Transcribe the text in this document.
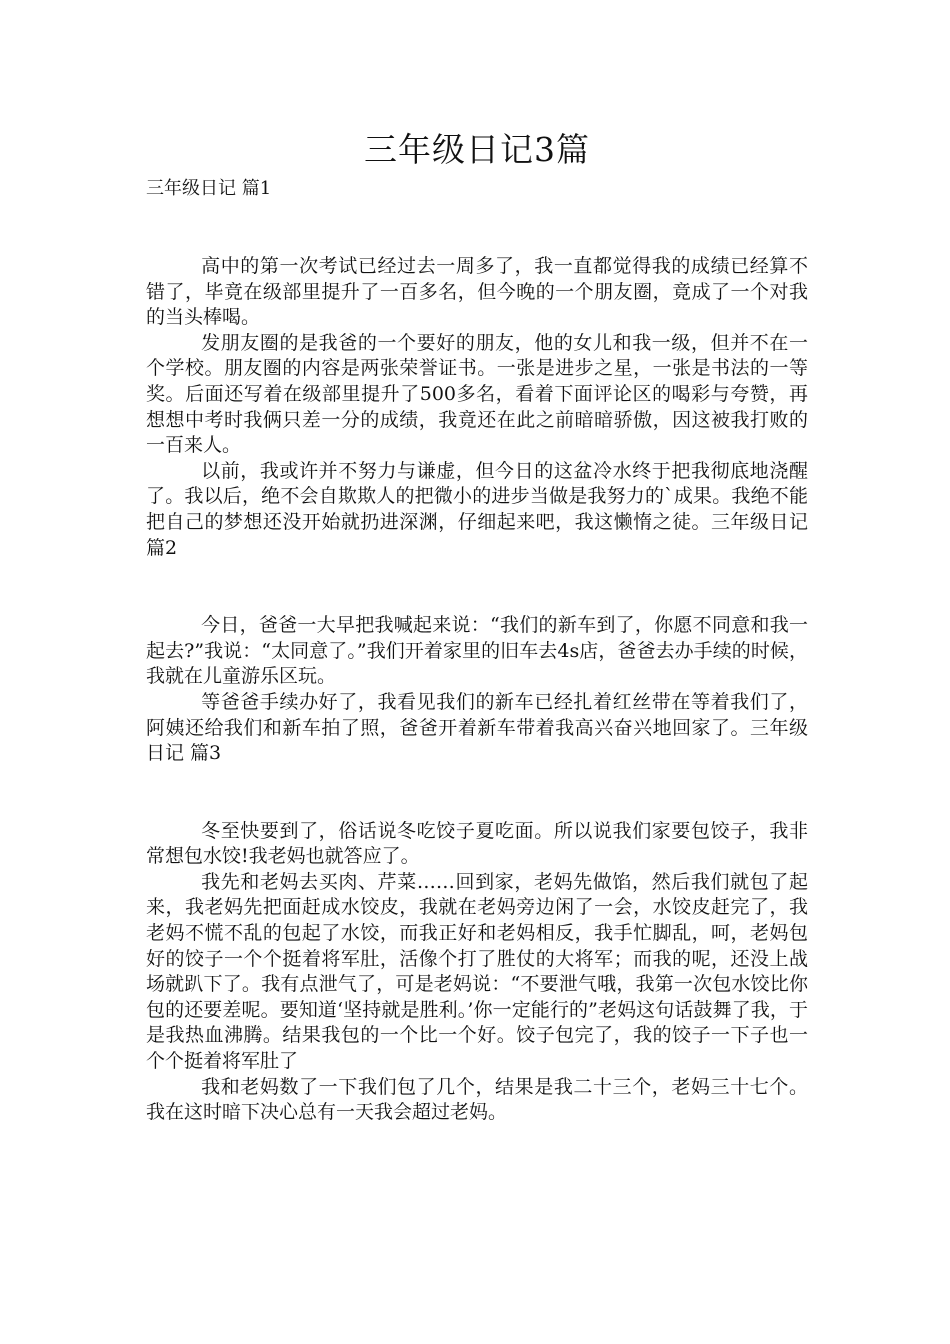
三年级日记3篇
三年级日记 篇1

高中的第一次考试已经过去一周多了，我一直都觉得我的成绩已经算不错了，毕竟在级部里提升了一百多名，但今晚的一个朋友圈，竟成了一个对我的当头棒喝。

发朋友圈的是我爸的一个要好的朋友，他的女儿和我一级，但并不在一个学校。朋友圈的内容是两张荣誉证书。一张是进步之星，一张是书法的一等奖。后面还写着在级部里提升了500多名，看着下面评论区的喝彩与夸赞，再想想中考时我俩只差一分的成绩，我竟还在此之前暗暗骄傲，因这被我打败的一百来人。

以前，我或许并不努力与谦虚，但今日的这盆冷水终于把我彻底地浇醒了。我以后，绝不会自欺欺人的把微小的进步当做是我努力的`成果。我绝不能把自己的梦想还没开始就扔进深渊，仔细起来吧，我这懒惰之徒。三年级日记 篇2

今日，爸爸一大早把我喊起来说：“我们的新车到了，你愿不同意和我一起去?”我说：“太同意了。”我们开着家里的旧车去4s店，爸爸去办手续的时候，我就在儿童游乐区玩。

等爸爸手续办好了，我看见我们的新车已经扎着红丝带在等着我们了，阿姨还给我们和新车拍了照，爸爸开着新车带着我高兴奋兴地回家了。三年级日记 篇3

冬至快要到了，俗话说冬吃饺子夏吃面。所以说我们家要包饺子，我非常想包水饺!我老妈也就答应了。

我先和老妈去买肉、芹菜……回到家，老妈先做馅，然后我们就包了起来，我老妈先把面赶成水饺皮，我就在老妈旁边闲了一会，水饺皮赶完了，我老妈不慌不乱的包起了水饺，而我正好和老妈相反，我手忙脚乱，呵，老妈包好的饺子一个个挺着将军肚，活像个打了胜仗的大将军；而我的呢，还没上战场就趴下了。我有点泄气了，可是老妈说：“不要泄气哦，我第一次包水饺比你包的还要差呢。要知道‘坚持就是胜利。’你一定能行的”老妈这句话鼓舞了我，于是我热血沸腾。结果我包的一个比一个好。饺子包完了，我的饺子一下子也一个个挺着将军肚了

我和老妈数了一下我们包了几个，结果是我二十三个，老妈三十七个。我在这时暗下决心总有一天我会超过老妈。
